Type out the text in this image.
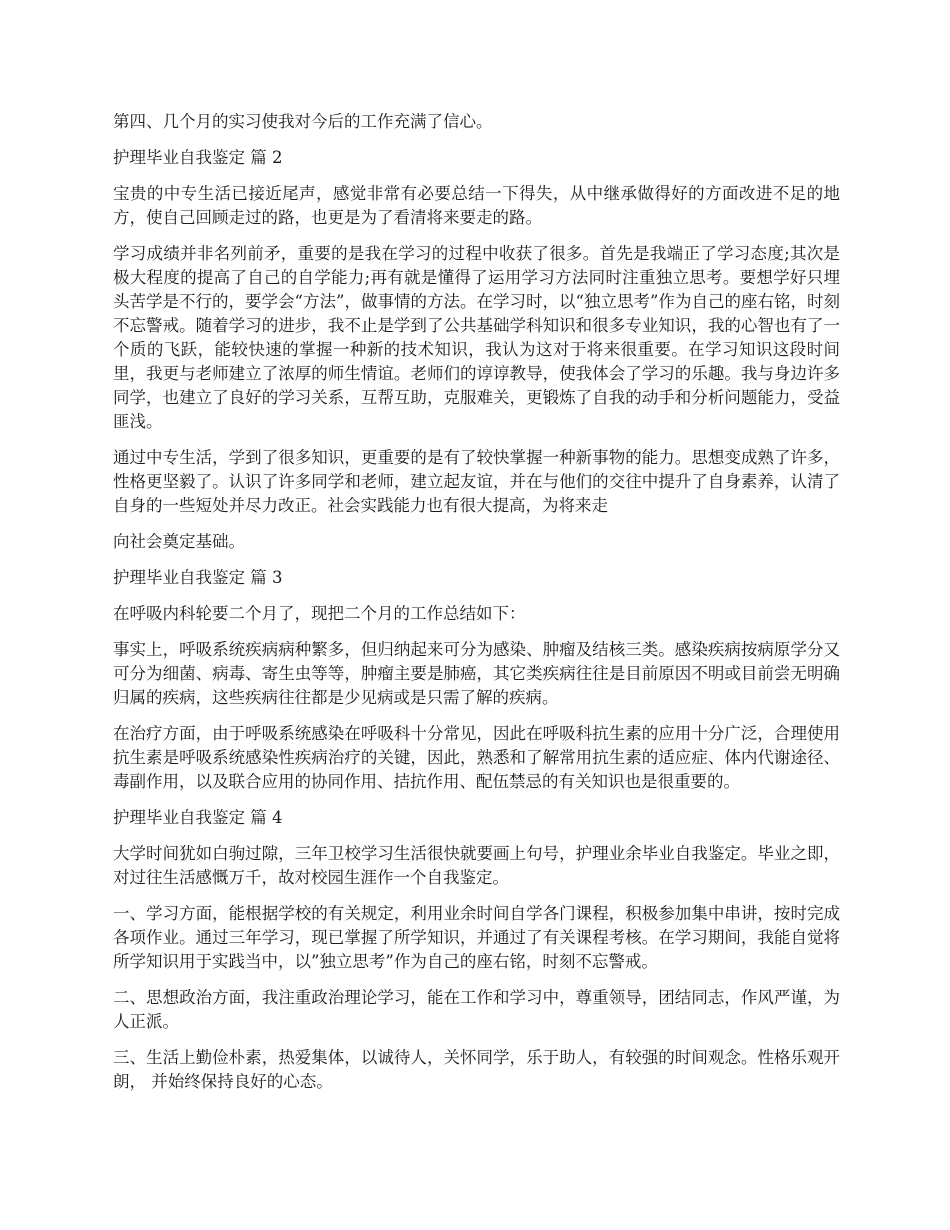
第四、几个月的实习使我对今后的工作充满了信心。

护理毕业自我鉴定 篇 2

宝贵的中专生活已接近尾声，感觉非常有必要总结一下得失，从中继承做得好的方面改进不足的地方，使自己回顾走过的路，也更是为了看清将来要走的路。

学习成绩并非名列前矛，重要的是我在学习的过程中收获了很多。首先是我端正了学习态度;其次是极大程度的提高了自己的自学能力;再有就是懂得了运用学习方法同时注重独立思考。要想学好只埋头苦学是不行的，要学会“方法”，做事情的方法。在学习时，以“独立思考”作为自己的座右铭，时刻不忘警戒。随着学习的进步，我不止是学到了公共基础学科知识和很多专业知识，我的心智也有了一个质的飞跃，能较快速的掌握一种新的技术知识，我认为这对于将来很重要。在学习知识这段时间里，我更与老师建立了浓厚的师生情谊。老师们的谆谆教导，使我体会了学习的乐趣。我与身边许多同学，也建立了良好的学习关系，互帮互助，克服难关，更锻炼了自我的动手和分析问题能力，受益匪浅。

通过中专生活，学到了很多知识，更重要的是有了较快掌握一种新事物的能力。思想变成熟了许多，性格更坚毅了。认识了许多同学和老师，建立起友谊，并在与他们的交往中提升了自身素养，认清了自身的一些短处并尽力改正。社会实践能力也有很大提高，为将来走

向社会奠定基础。

护理毕业自我鉴定 篇 3

在呼吸内科轮要二个月了，现把二个月的工作总结如下：

事实上，呼吸系统疾病病种繁多，但归纳起来可分为感染、肿瘤及结核三类。感染疾病按病原学分又可分为细菌、病毒、寄生虫等等，肿瘤主要是肺癌，其它类疾病往往是目前原因不明或目前尝无明确归属的疾病，这些疾病往往都是少见病或是只需了解的疾病。

在治疗方面，由于呼吸系统感染在呼吸科十分常见，因此在呼吸科抗生素的应用十分广泛，合理使用抗生素是呼吸系统感染性疾病治疗的关键，因此，熟悉和了解常用抗生素的适应症、体内代谢途径、毒副作用，以及联合应用的协同作用、拮抗作用、配伍禁忌的有关知识也是很重要的。

护理毕业自我鉴定 篇 4

大学时间犹如白驹过隙，三年卫校学习生活很快就要画上句号，护理业余毕业自我鉴定。毕业之即，对过往生活感慨万千，故对校园生涯作一个自我鉴定。

一、学习方面，能根据学校的有关规定，利用业余时间自学各门课程，积极参加集中串讲，按时完成各项作业。通过三年学习，现已掌握了所学知识，并通过了有关课程考核。在学习期间，我能自觉将所学知识用于实践当中，以”独立思考”作为自己的座右铭，时刻不忘警戒。

二、思想政治方面，我注重政治理论学习，能在工作和学习中，尊重领导，团结同志，作风严谨，为人正派。

三、生活上勤俭朴素，热爱集体，以诚待人，关怀同学，乐于助人，有较强的时间观念。性格乐观开朗， 并始终保持良好的心态。
